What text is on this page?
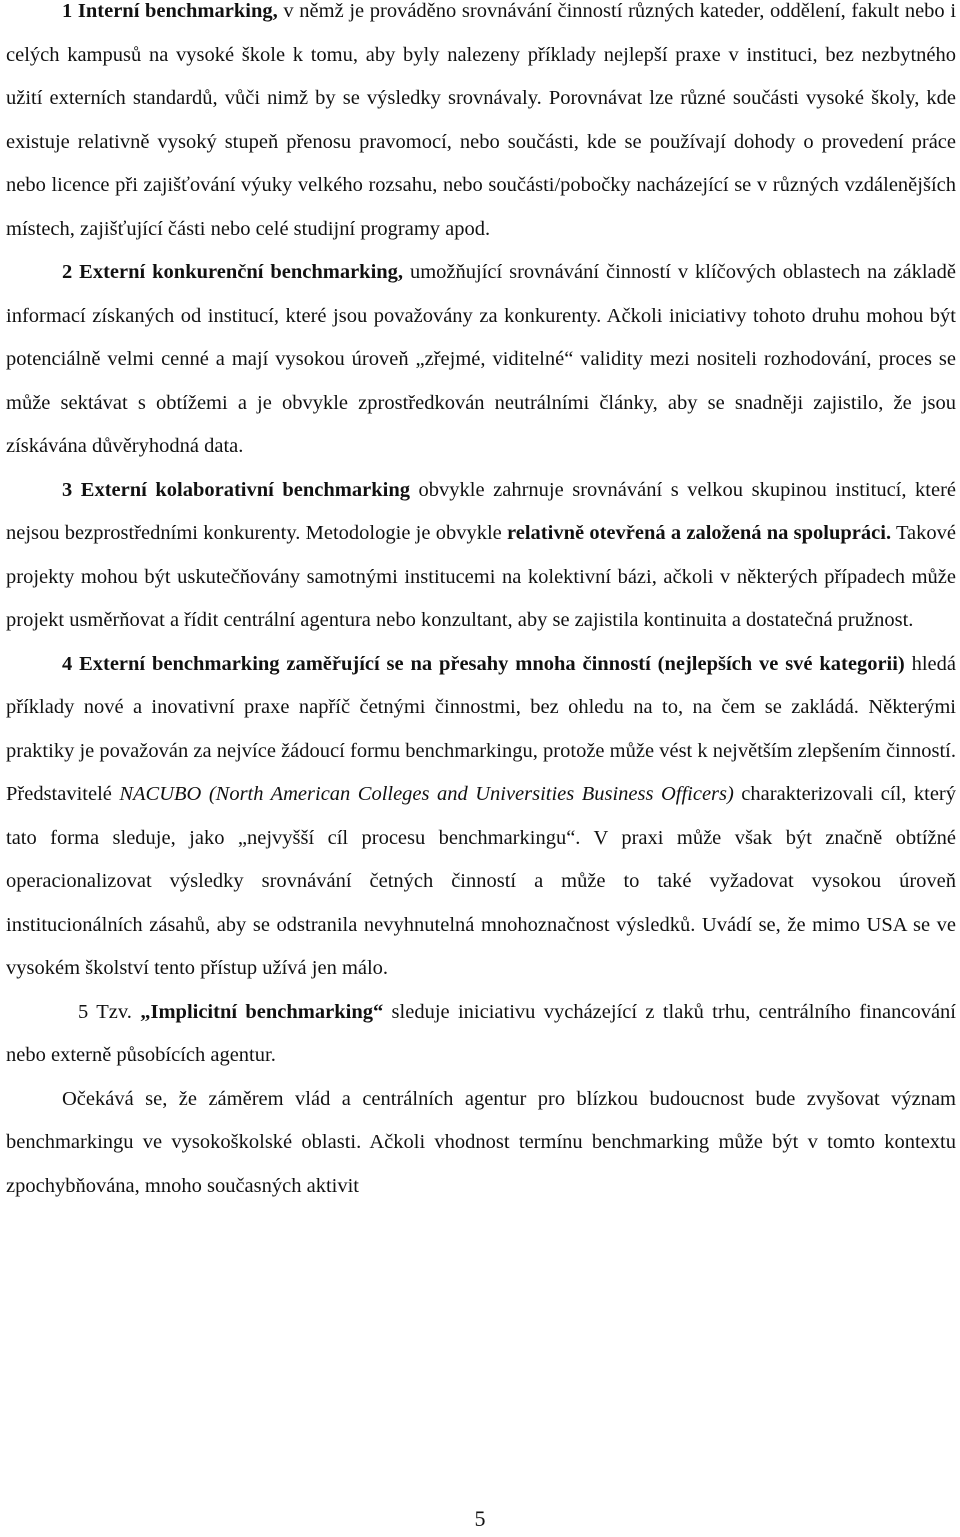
1 Interní benchmarking, v němž je prováděno srovnávání činností různých kateder, oddělení, fakult nebo i celých kampusů na vysoké škole k tomu, aby byly nalezeny příklady nejlepší praxe v instituci, bez nezbytného užití externích standardů, vůči nimž by se výsledky srovnávaly. Porovnávat lze různé součásti vysoké školy, kde existuje relativně vysoký stupeň přenosu pravomocí, nebo součásti, kde se používají dohody o provedení práce nebo licence při zajišťování výuky velkého rozsahu, nebo součásti/pobočky nacházející se v různých vzdálenějších místech, zajišťující části nebo celé studijní programy apod.

2 Externí konkurenční benchmarking, umožňující srovnávání činností v klíčových oblastech na základě informací získaných od institucí, které jsou považovány za konkurenty. Ačkoli iniciativy tohoto druhu mohou být potenciálně velmi cenné a mají vysokou úroveň „zřejmé, viditelné“ validity mezi nositeli rozhodování, proces se může sektávat s obtížemi a je obvykle zprostředkován neutrálními články, aby se snadněji zajistilo, že jsou získávána důvěryhodná data.

3 Externí kolaborativní benchmarking obvykle zahrnuje srovnávání s velkou skupinou institucí, které nejsou bezprostředními konkurenty. Metodologie je obvykle relativně otevřená a založená na spolupráci. Takové projekty mohou být uskutečňovány samotnými institucemi na kolektivní bázi, ačkoli v některých případech může projekt usměrňovat a řídit centrální agentura nebo konzultant, aby se zajistila kontinuita a dostatečná pružnost.

4 Externí benchmarking zaměřující se na přesahy mnoha činností (nejlepších ve své kategorii) hledá příklady nové a inovativní praxe napříč četnými činnostmi, bez ohledu na to, na čem se zakládá. Některými praktiky je považován za nejvíce žádoucí formu benchmarkingu, protože může vést k největším zlepšením činností. Představitelé NACUBO (North American Colleges and Universities Business Officers) charakterizovali cíl, který tato forma sleduje, jako „nejvyšší cíl procesu benchmarkingu“. V praxi může však být značně obtížné operacionalizovat výsledky srovnávání četných činností a může to také vyžadovat vysokou úroveň institucionálních zásahů, aby se odstranila nevyhnutelná mnohoznačnost výsledků. Uvádí se, že mimo USA se ve vysokém školství tento přístup užívá jen málo.

5 Tzv. „Implicitní benchmarking“ sleduje iniciativu vycházející z tlaků trhu, centrálního financování nebo externě působících agentur.

Očekává se, že záměrem vlád a centrálních agentur pro blízkou budoucnost bude zvyšovat význam benchmarkingu ve vysokoškolské oblasti. Ačkoli vhodnost termínu benchmarking může být v tomto kontextu zpochybňována, mnoho současných aktivit

5
